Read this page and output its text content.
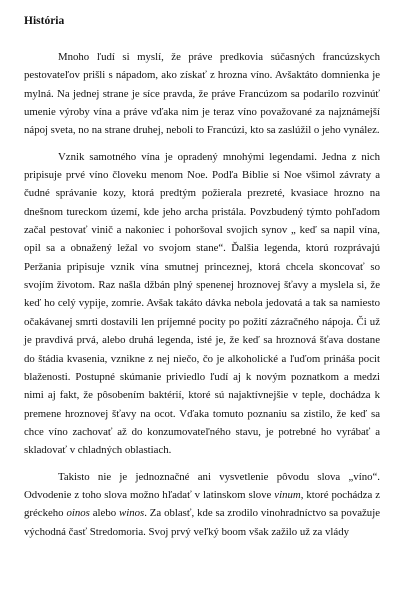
História

Mnoho ľudí si myslí, že práve predkovia súčasných francúzskych pestovateľov prišli s nápadom, ako získať z hrozna víno. Avšaktáto domnienka je mylná. Na jednej strane je síce pravda, že práve Francúzom sa podarilo rozvinúť umenie výroby vína a práve vďaka nim je teraz víno považované za najznámejší nápoj sveta, no na strane druhej, neboli to Francúzi, kto sa zaslúžil o jeho vynález.

Vznik samotného vína je opradený mnohými legendami. Jedna z nich pripisuje prvé víno človeku menom Noe. Podľa Biblie si Noe všimol závraty a čudné správanie kozy, ktorá predtým požierala prezreté, kvasiace hrozno na dnešnom tureckom území, kde jeho archa pristála. Povzbudený týmto pohľadom začal pestovať vinič a nakoniec i pohoršoval svojich synov „ keď sa napil vína, opil sa a obnažený ležal vo svojom stane“. Ďalšia legenda, ktorú rozprávajú Peržania pripisuje vznik vína smutnej princeznej, ktorá chcela skoncovať so svojím životom. Raz našla džbán plný spenenej hroznovej šťavy a myslela si, že keď ho celý vypije, zomrie. Avšak takáto dávka nebola jedovatá a tak sa namiesto očakávanej smrti dostavili len príjemné pocity po požití zázračného nápoja. Či už je pravdivá prvá, alebo druhá legenda, isté je, že keď sa hroznová šťava dostane do štádia kvasenia, vznikne z nej niečo, čo je alkoholické a ľuďom prináša pocit blaženosti. Postupné skúmanie priviedlo ľudí aj k novým poznatkom a medzi nimi aj fakt, že pôsobením baktérií, ktoré sú najaktívnejšie v teple, dochádza k premene hroznovej šťavy na ocot. Vďaka tomuto poznaniu sa zistilo, že keď sa chce víno zachovať až do konzumovateľného stavu, je potrebné ho vyrábať a skladovať v chladných oblastiach.

Takisto nie je jednoznačné ani vysvetlenie pôvodu slova „víno“. Odvodenie z toho slova možno hľadať v latinskom slove vinum, ktoré pochádza z gréckeho oinos alebo winos. Za oblasť, kde sa zrodilo vinohradníctvo sa považuje východná časť Stredomoria. Svoj prvý veľký boom však zažilo už za vlády
